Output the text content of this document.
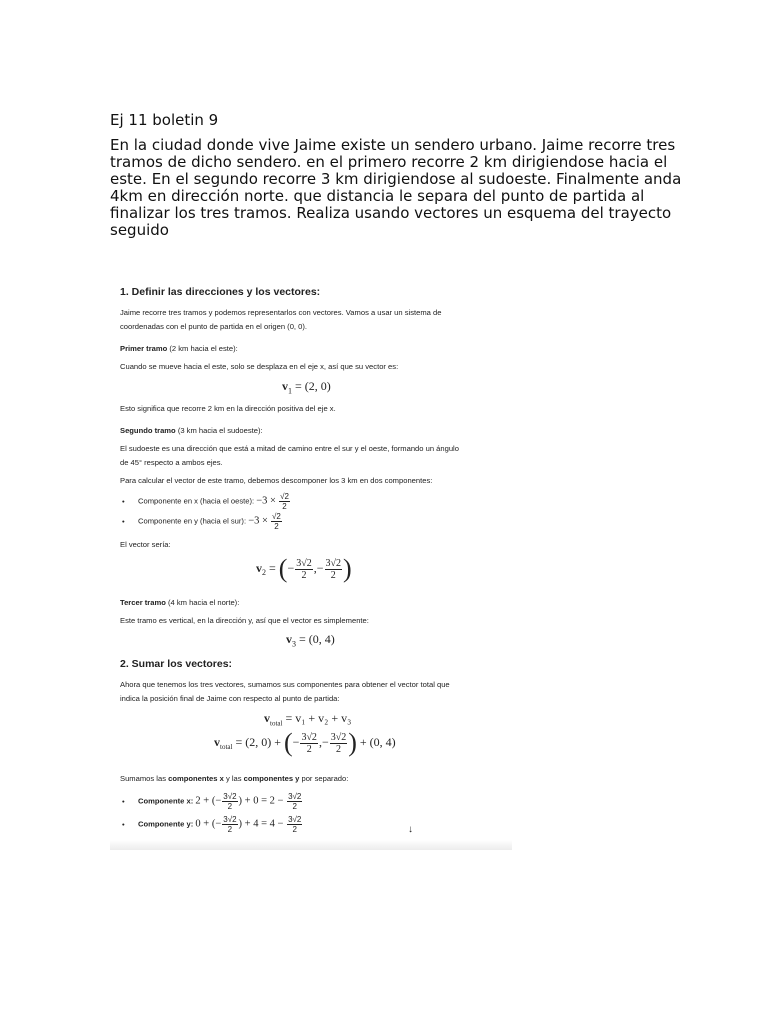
Ej 11 boletin 9
En la ciudad donde vive Jaime existe un sendero urbano. Jaime recorre tres
tramos de dicho sendero. en el primero recorre 2 km dirigiendose hacia el
este. En el segundo recorre 3 km dirigiendose al sudoeste. Finalmente anda
4km en dirección norte. que distancia le separa del punto de partida al
finalizar los tres tramos. Realiza usando vectores un esquema del trayecto
seguido
1. Definir las direcciones y los vectores:
Jaime recorre tres tramos y podemos representarlos con vectores. Vamos a usar un sistema de
coordenadas con el punto de partida en el origen (0, 0).
Primer tramo (2 km hacia el este):
Cuando se mueve hacia el este, solo se desplaza en el eje x, así que su vector es:
$v_1 = (2$, 0)
Esto significa que recorre 2 km en la dirección positiva del eje x.
Segundo tramo (3 km hacia el sudoeste):
El sudoeste es una dirección que está a mitad de camino entre el sur y el oeste, formando un ángulo
de 45° respecto a ambos ejes.
Para calcular el vector de este tramo, debemos descomponer los 3 km en dos componentes:
• Componente en x (hacia el oeste): $-3 \times \frac{√2}{2}$
• Componente en y (hacia el sur): $-3 \times \frac{√2}{2}$
El vector sería:
$v_2$ = (− $\frac{3√2}{2}$ ,− $\frac{3√2}{2}$ )
Tercer tramo (4 km hacia el norte):
Este tramo es vertical, en la dirección y, así que el vector es simplemente:
$v_3 = (0$, 4)
2. Sumar los vectores:
Ahora que tenemos los tres vectores, sumamos sus componentes para obtener el vector total que
indica la posición final de Jaime con respecto al punto de partida:
$v_{total} = v_1 + v_2 + v_3$
$v_{total} = (2$, 0) + (− $\frac{3√2}{2}$ ,− $\frac{3√2}{2}$ ) + (0, 4)
Sumamos las componentes x y las componentes y por separado:
• Componente x: 2 + (− $\frac{3√2}{2}$ ) + $0 = 2 - \frac{3√2}{2}$
• Componente y: 0 + (− $\frac{3√2}{2}$ ) + $4 = 4 - \frac{3√2}{2}$	↓
